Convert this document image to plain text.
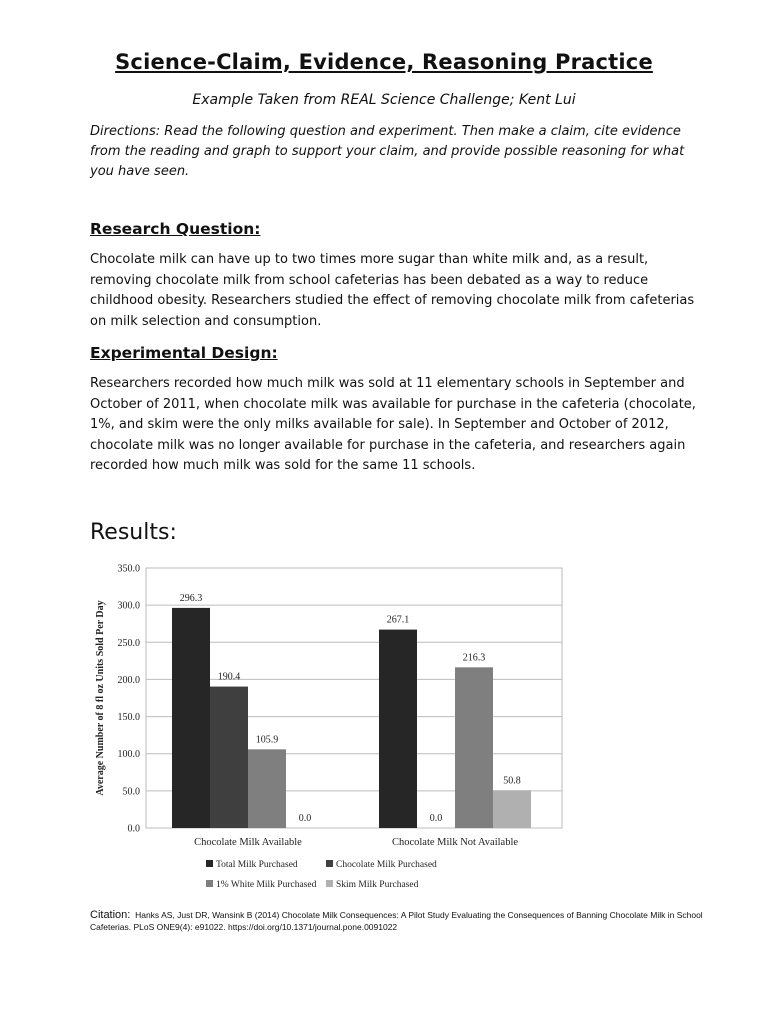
Science-Claim, Evidence, Reasoning Practice
Example Taken from REAL Science Challenge; Kent Lui
Directions: Read the following question and experiment. Then make a claim, cite evidence from the reading and graph to support your claim, and provide possible reasoning for what you have seen.
Research Question:
Chocolate milk can have up to two times more sugar than white milk and, as a result, removing chocolate milk from school cafeterias has been debated as a way to reduce childhood obesity. Researchers studied the effect of removing chocolate milk from cafeterias on milk selection and consumption.
Experimental Design:
Researchers recorded how much milk was sold at 11 elementary schools in September and October of 2011, when chocolate milk was available for purchase in the cafeteria (chocolate, 1%, and skim were the only milks available for sale). In September and October of 2012, chocolate milk was no longer available for purchase in the cafeteria, and researchers again recorded how much milk was sold for the same 11 schools.
Results:
0.0
50.0
100.0
150.0
200.0
250.0
300.0
350.0
Average Number of 8 fl oz Units Sold Per Day
296.3
267.1
190.4
0.0
105.9
216.3
0.0
50.8
Chocolate Milk Available	Chocolate Milk Not Available
Total Milk Purchased	Chocolate Milk Purchased
1% White Milk Purchased Skim Milk Purchased
Citation: Hanks AS, Just DR, Wansink B (2014) Chocolate Milk Consequences: A Pilot Study Evaluating the Consequences of Banning Chocolate Milk in School Cafeterias. PLoS ONE9(4): e91022. https://doi.org/10.1371/journal.pone.0091022
